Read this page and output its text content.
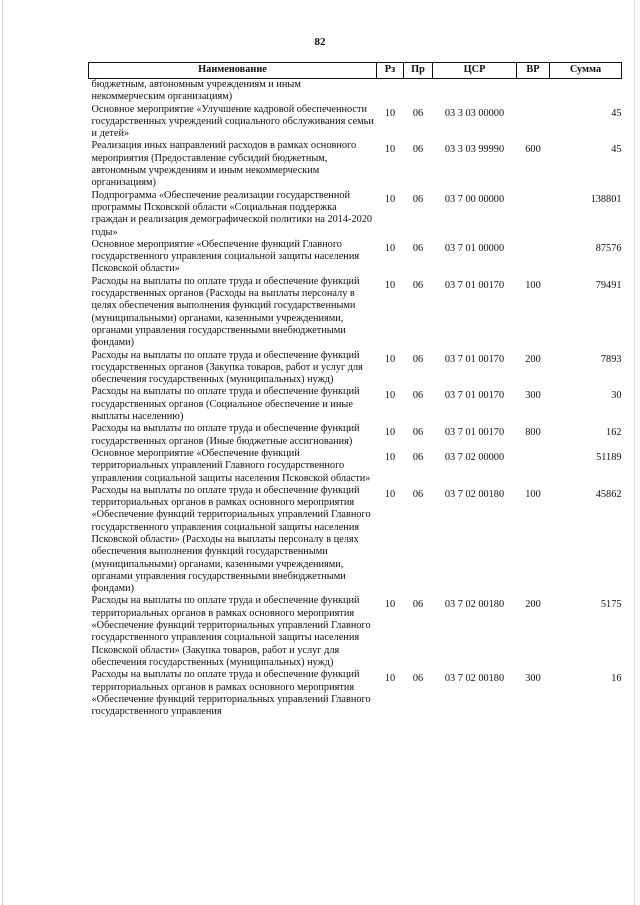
82
Наименование	Рз	Пр	ЦСР	ВР	Сумма
бюджетным, автономным учреждениям и иным некоммерческим организациям)					
Основное мероприятие «Улучшение кадровой обеспеченности государственных учреждений социального обслуживания семьи и детей»	10	06	03 3 03 00000		45
Реализация иных направлений расходов в рамках основного мероприятия (Предоставление субсидий бюджетным, автономным учреждениям и иным некоммерческим организациям)	10	06	03 3 03 99990	600	45
Подпрограмма «Обеспечение реализации государственной программы Псковской области «Социальная поддержка граждан и реализация демографической политики на 2014-2020 годы»	10	06	03 7 00 00000		138801
Основное мероприятие «Обеспечение функций Главного государственного управления социальной защиты населения Псковской области»	10	06	03 7 01 00000		87576
Расходы на выплаты по оплате труда и обеспечение функций государственных органов (Расходы на выплаты персоналу в целях обеспечения выполнения функций государственными (муниципальными) органами, казенными учреждениями, органами управления государственными внебюджетными фондами)	10	06	03 7 01 00170	100	79491
Расходы на выплаты по оплате труда и обеспечение функций государственных органов (Закупка товаров, работ и услуг для обеспечения государственных (муниципальных) нужд)	10	06	03 7 01 00170	200	7893
Расходы на выплаты по оплате труда и обеспечение функций государственных органов (Социальное обеспечение и иные выплаты населению)	10	06	03 7 01 00170	300	30
Расходы на выплаты по оплате труда и обеспечение функций государственных органов (Иные бюджетные ассигнования)	10	06	03 7 01 00170	800	162
Основное мероприятие «Обеспечение функций территориальных управлений Главного государственного управления социальной защиты населения Псковской области»	10	06	03 7 02 00000		51189
Расходы на выплаты по оплате труда и обеспечение функций территориальных органов в рамках основного мероприятия «Обеспечение функций территориальных управлений Главного государственного управления социальной защиты населения Псковской области» (Расходы на выплаты персоналу в целях обеспечения выполнения функций государственными (муниципальными) органами, казенными учреждениями, органами управления государственными внебюджетными фондами)	10	06	03 7 02 00180	100	45862
Расходы на выплаты по оплате труда и обеспечение функций территориальных органов в рамках основного мероприятия «Обеспечение функций территориальных управлений Главного государственного управления социальной защиты населения Псковской области» (Закупка товаров, работ и услуг для обеспечения государственных (муниципальных) нужд)	10	06	03 7 02 00180	200	5175
Расходы на выплаты по оплате труда и обеспечение функций территориальных органов в рамках основного мероприятия «Обеспечение функций территориальных управлений Главного государственного управления	10	06	03 7 02 00180	300	16
